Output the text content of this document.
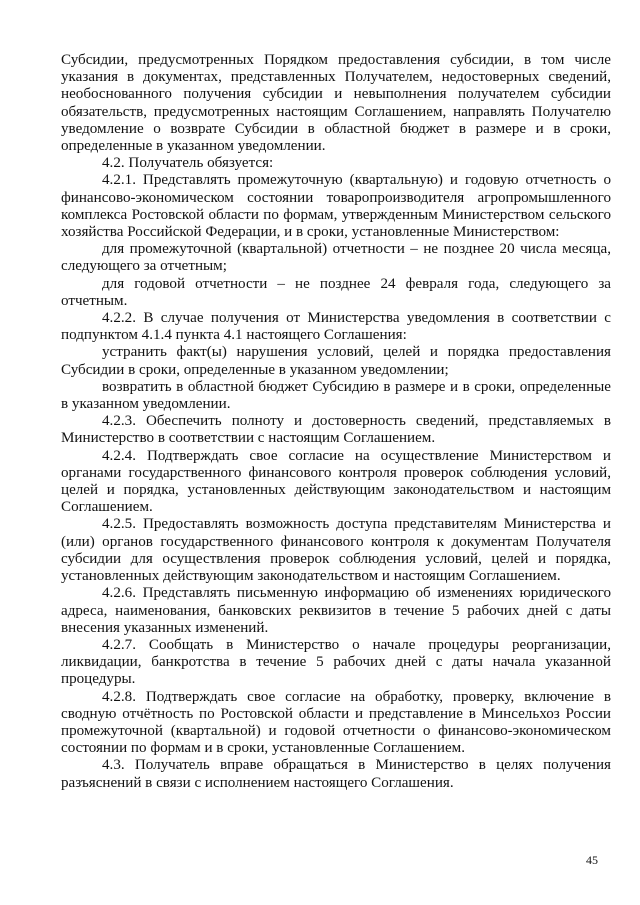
Субсидии, предусмотренных Порядком предоставления субсидии, в том числе указания в документах, представленных Получателем, недостоверных сведений, необоснованного получения субсидии и невыполнения получателем субсидии обязательств, предусмотренных настоящим Соглашением, направлять Получателю уведомление о возврате Субсидии в областной бюджет в размере и в сроки, определенные в указанном уведомлении.

4.2. Получатель обязуется:

4.2.1. Представлять промежуточную (квартальную) и годовую отчетность о финансово-экономическом состоянии товаропроизводителя агропромышленного комплекса Ростовской области по формам, утвержденным Министерством сельского хозяйства Российской Федерации, и в сроки, установленные Министерством:

для промежуточной (квартальной) отчетности – не позднее 20 числа месяца, следующего за отчетным;

для годовой отчетности – не позднее 24 февраля года, следующего за отчетным.

4.2.2. В случае получения от Министерства уведомления в соответствии с подпунктом 4.1.4 пункта 4.1 настоящего Соглашения:

устранить факт(ы) нарушения условий, целей и порядка предоставления Субсидии в сроки, определенные в указанном уведомлении;

возвратить в областной бюджет Субсидию в размере и в сроки, определенные в указанном уведомлении.

4.2.3. Обеспечить полноту и достоверность сведений, представляемых в Министерство в соответствии с настоящим Соглашением.

4.2.4. Подтверждать свое согласие на осуществление Министерством и органами государственного финансового контроля проверок соблюдения условий, целей и порядка, установленных действующим законодательством и настоящим Соглашением.

4.2.5. Предоставлять возможность доступа представителям Министерства и (или) органов государственного финансового контроля к документам Получателя субсидии для осуществления проверок соблюдения условий, целей и порядка, установленных действующим законодательством и настоящим Соглашением.

4.2.6. Представлять письменную информацию об изменениях юридического адреса, наименования, банковских реквизитов в течение 5 рабочих дней с даты внесения указанных изменений.

4.2.7. Сообщать в Министерство о начале процедуры реорганизации, ликвидации, банкротства в течение 5 рабочих дней с даты начала указанной процедуры.

4.2.8. Подтверждать свое согласие на обработку, проверку, включение в сводную отчётность по Ростовской области и представление в Минсельхоз России промежуточной (квартальной) и годовой отчетности о финансово-экономическом состоянии по формам и в сроки, установленные Соглашением.

4.3. Получатель вправе обращаться в Министерство в целях получения разъяснений в связи с исполнением настоящего Соглашения.

45
